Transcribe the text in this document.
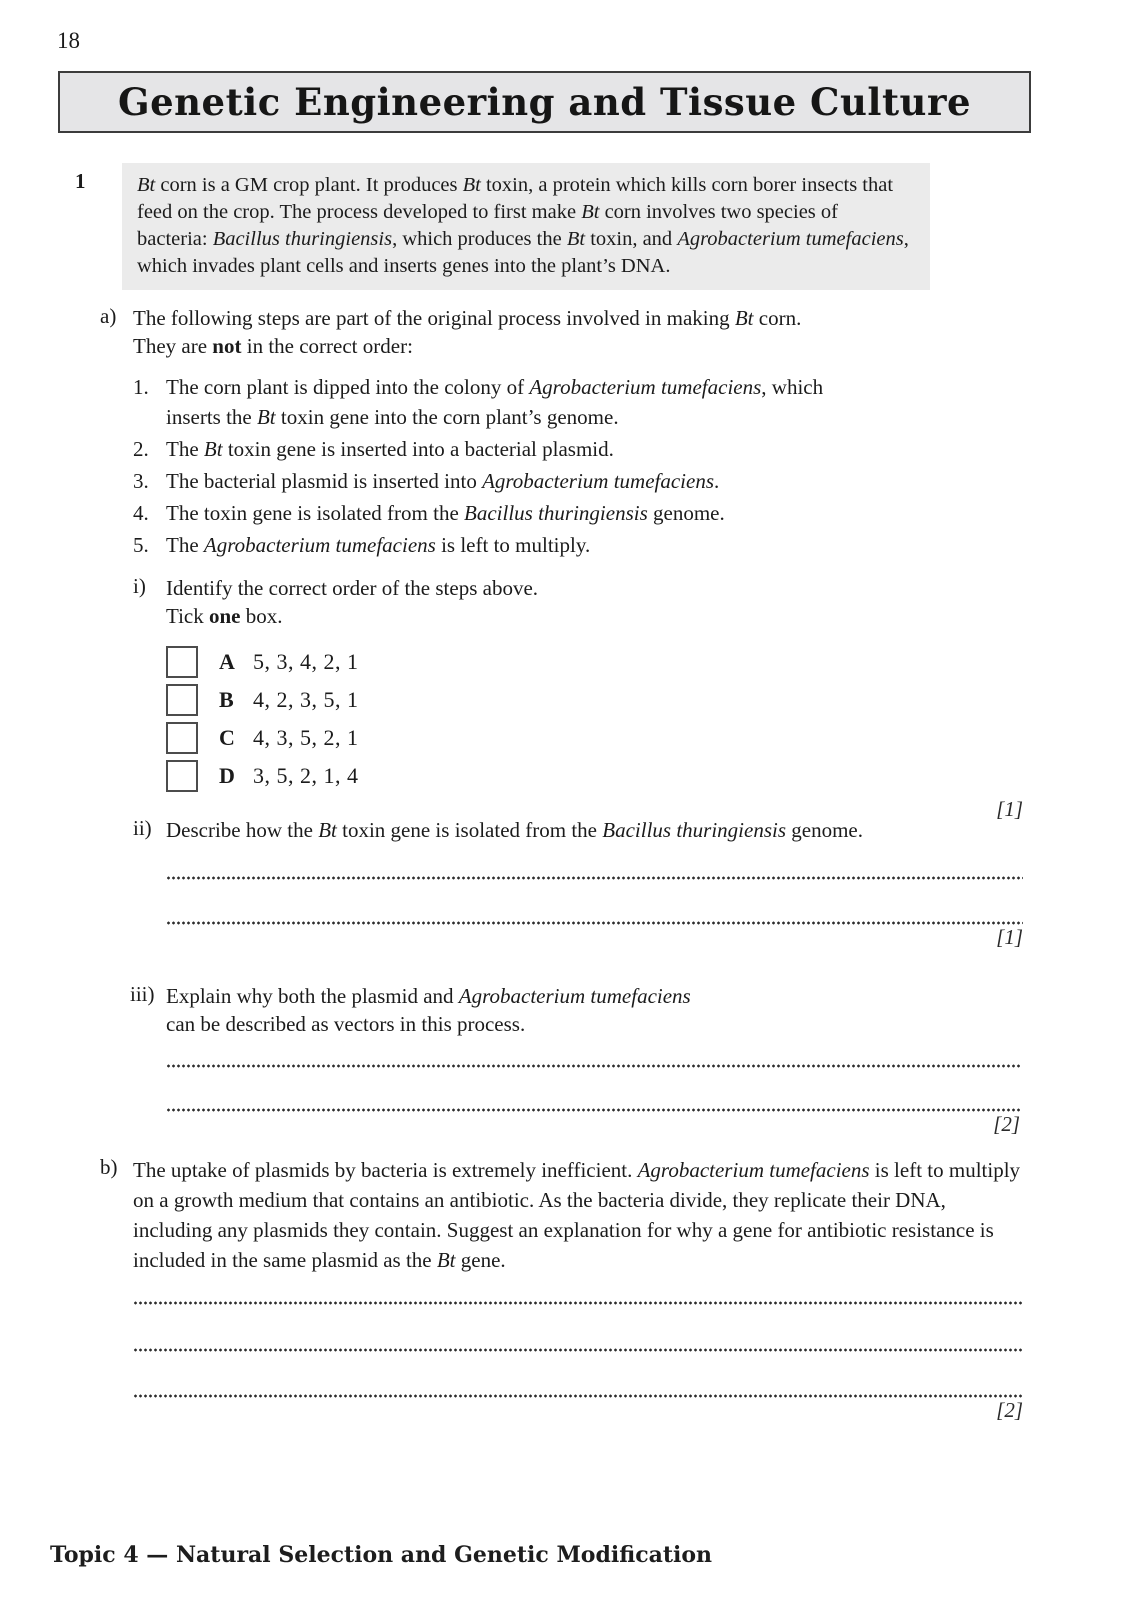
18
Genetic Engineering and Tissue Culture
1	Bt corn is a GM crop plant. It produces Bt toxin, a protein which kills corn borer insects that feed on the crop. The process developed to first make Bt corn involves two species of bacteria: Bacillus thuringiensis, which produces the Bt toxin, and Agrobacterium tumefaciens, which invades plant cells and inserts genes into the plant’s DNA.

a) The following steps are part of the original process involved in making Bt corn.

They are not in the correct order:

1. The corn plant is dipped into the colony of Agrobacterium tumefaciens, which inserts the Bt toxin gene into the corn plant’s genome.
2. The Bt toxin gene is inserted into a bacterial plasmid.
3. The bacterial plasmid is inserted into Agrobacterium tumefaciens.
4. The toxin gene is isolated from the Bacillus thuringiensis genome.
5. The Agrobacterium tumefaciens is left to multiply.
i) Identify the correct order of the steps above.

Tick one box.

A 5, 3, 4, 2, 1
B 4, 2, 3, 5, 1
C 4, 3, 5, 2, 1
D 3, 5, 2, 1, 4
[1]
ii) Describe how the Bt toxin gene is isolated from the Bacillus thuringiensis genome.

[1]
iii) Explain why both the plasmid and Agrobacterium tumefaciens

can be described as vectors in this process.

[2]
b) The uptake of plasmids by bacteria is extremely inefficient. Agrobacterium tumefaciens is left to multiply on a growth medium that contains an antibiotic. As the bacteria divide, they replicate their DNA, including any plasmids they contain. Suggest an explanation for why a gene for antibiotic resistance is included in the same plasmid as the Bt gene.

[2]
Topic 4 — Natural Selection and Genetic Modification
